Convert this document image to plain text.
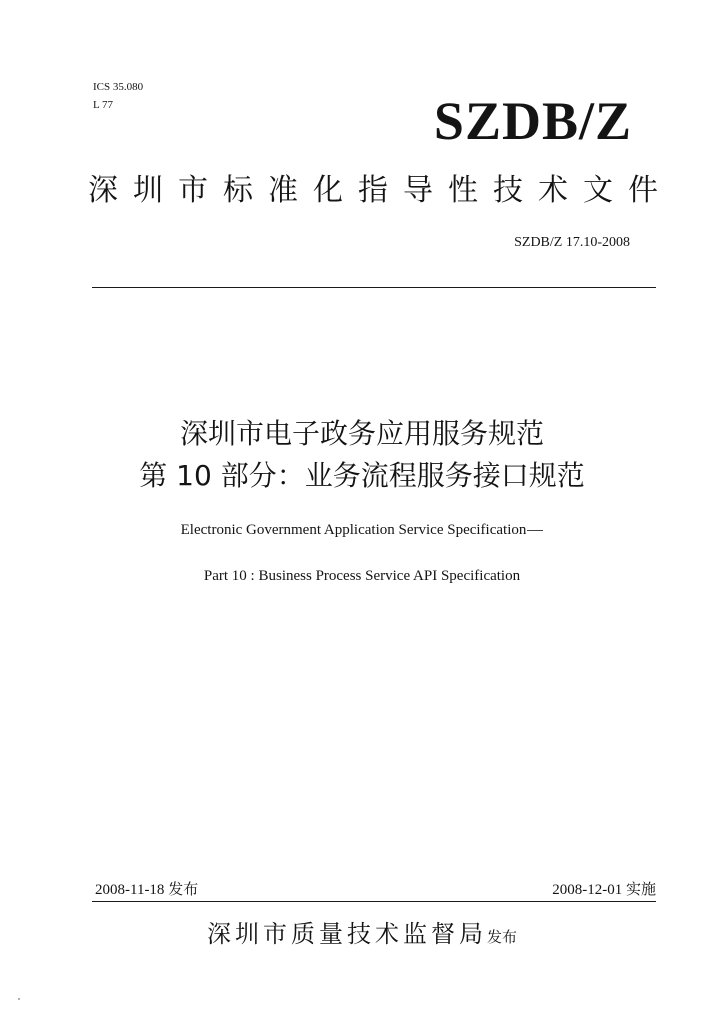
ICS 35.080
L 77	SZDB/Z
深圳市标准化指导性技术文件
SZDB/Z 17.10-2008
深圳市电子政务应用服务规范
第 10 部分：业务流程服务接口规范
Electronic Government Application Service Specification
Part 10 : Business Process Service API Specification
2008-11-18 发布	2008-12-01 实施
深圳市质量技术监督局发布
